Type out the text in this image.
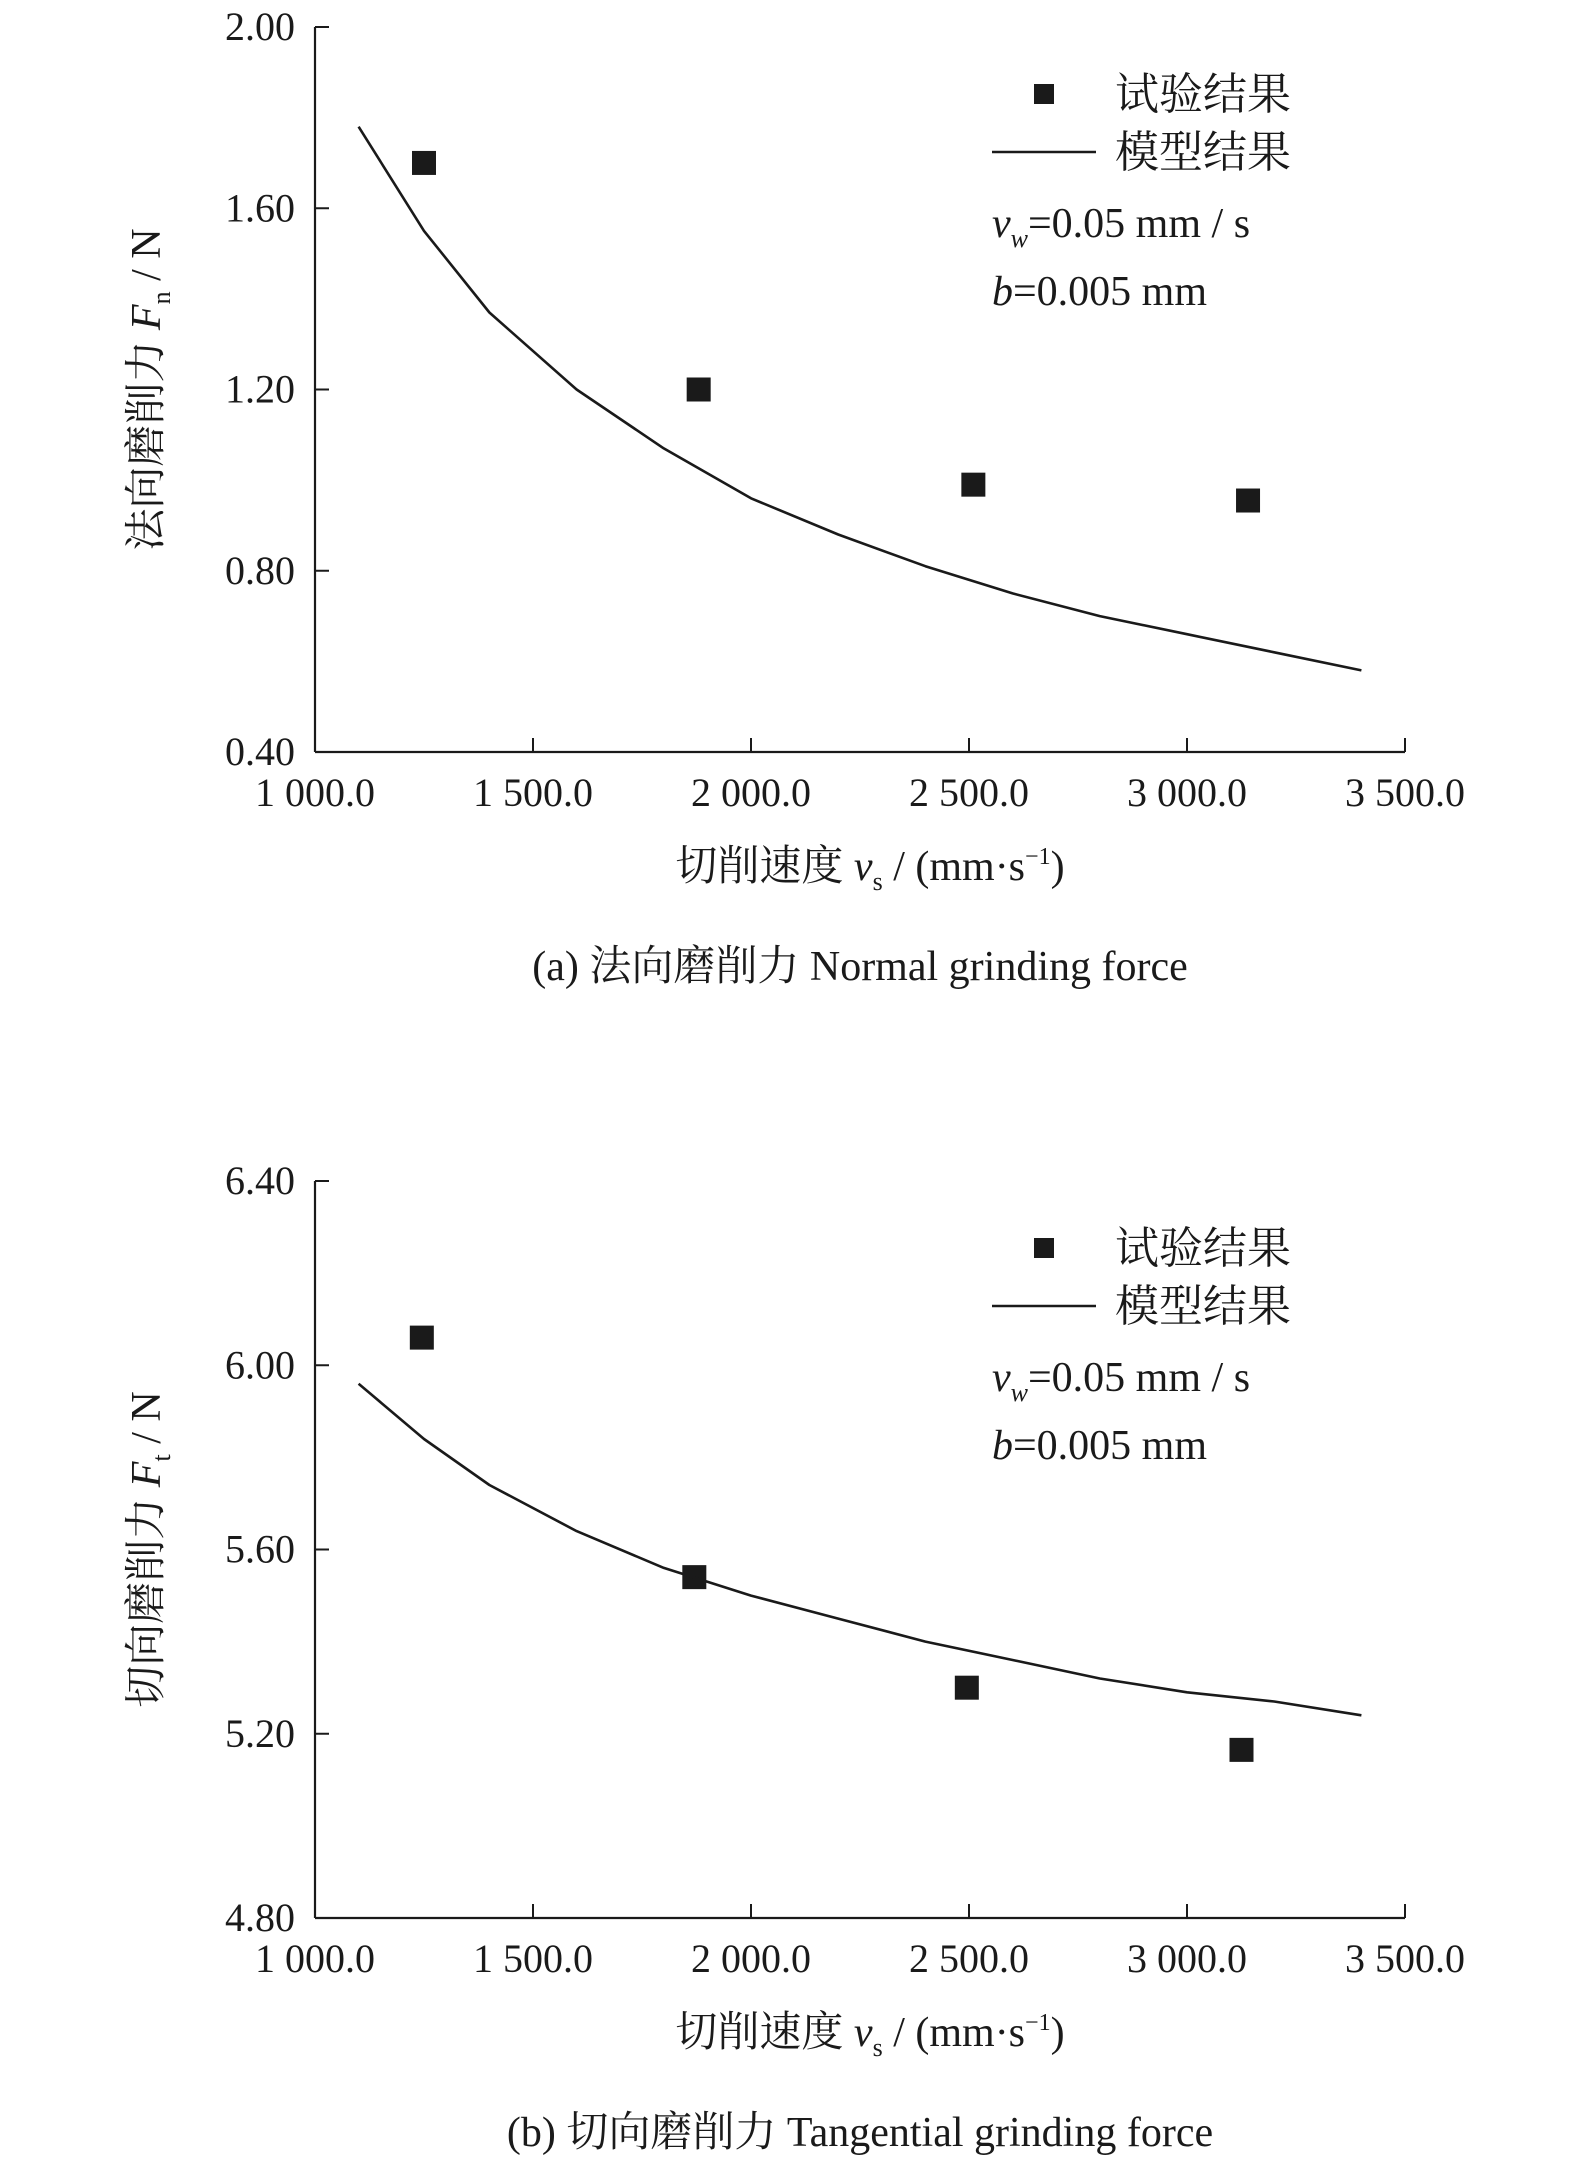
0.40
0.80
1.20
1.60
2.00
1 000.0 1 500.0 2 000.0 2 500.0 3 000.0 3 500.0
切削速度 $v_s / (mm\cdot s^{-1})$
法向磨削力 $F_n$ / N
试验结果
模型结果
$v_w=0.05$ mm / s
b=0.005 mm
(a) 法向磨削力 Normal grinding force
4.80
5.20
5.60
6.00
6.40
1 000.0 1 500.0 2 000.0 2 500.0 3 000.0 3 500.0
切削速度 $v_s / (mm\cdot s^{-1})$
切向磨削力 $F_t$ / N
试验结果
模型结果
$v_w=0.05$ mm / s
b=0.005 mm
(b) 切向磨削力 Tangential grinding force
